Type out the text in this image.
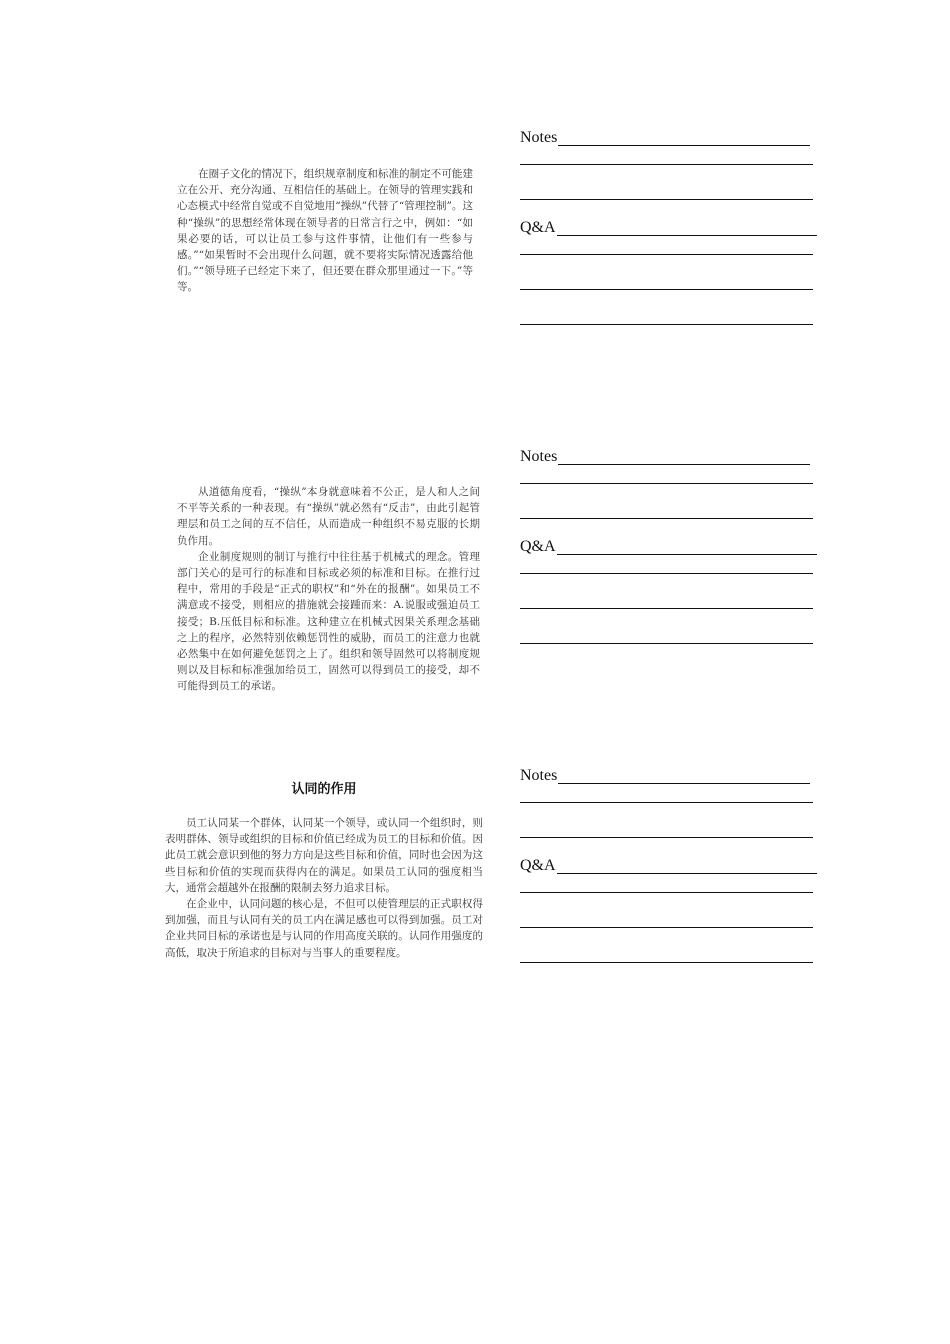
在圈子文化的情况下，组织规章制度和标准的制定不可能建立在公开、充分沟通、互相信任的基础上。在领导的管理实践和心态模式中经常自觉或不自觉地用“操纵”代替了“管理控制”。这种“操纵”的思想经常体现在领导者的日常言行之中，例如：“如果必要的话，可以让员工参与这件事情，让他们有一些参与感。”“如果暂时不会出现什么问题，就不要将实际情况透露给他们。”“领导班子已经定下来了，但还要在群众那里通过一下。”等等。

Notes
Q&A

从道德角度看，“操纵”本身就意味着不公正，是人和人之间不平等关系的一种表现。有“操纵”就必然有“反击”，由此引起管理层和员工之间的互不信任，从而造成一种组织不易克服的长期负作用。

企业制度规则的制订与推行中往往基于机械式的理念。管理部门关心的是可行的标准和目标或必须的标准和目标。在推行过程中，常用的手段是“正式的职权”和“外在的报酬”。如果员工不满意或不接受，则相应的措施就会接踵而来：A.说服或强迫员工接受；B.压低目标和标准。这种建立在机械式因果关系理念基础之上的程序，必然特别依赖惩罚性的威胁，而员工的注意力也就必然集中在如何避免惩罚之上了。组织和领导固然可以将制度规则以及目标和标准强加给员工，固然可以得到员工的接受，却不可能得到员工的承诺。

Notes
Q&A
认同的作用

员工认同某一个群体，认同某一个领导，或认同一个组织时，则表明群体、领导或组织的目标和价值已经成为员工的目标和价值。因此员工就会意识到他的努力方向是这些目标和价值，同时也会因为这些目标和价值的实现而获得内在的满足。如果员工认同的强度相当大，通常会超越外在报酬的限制去努力追求目标。

在企业中，认同问题的核心是，不但可以使管理层的正式职权得到加强，而且与认同有关的员工内在满足感也可以得到加强。员工对企业共同目标的承诺也是与认同的作用高度关联的。认同作用强度的高低，取决于所追求的目标对与当事人的重要程度。

Notes
Q&A
